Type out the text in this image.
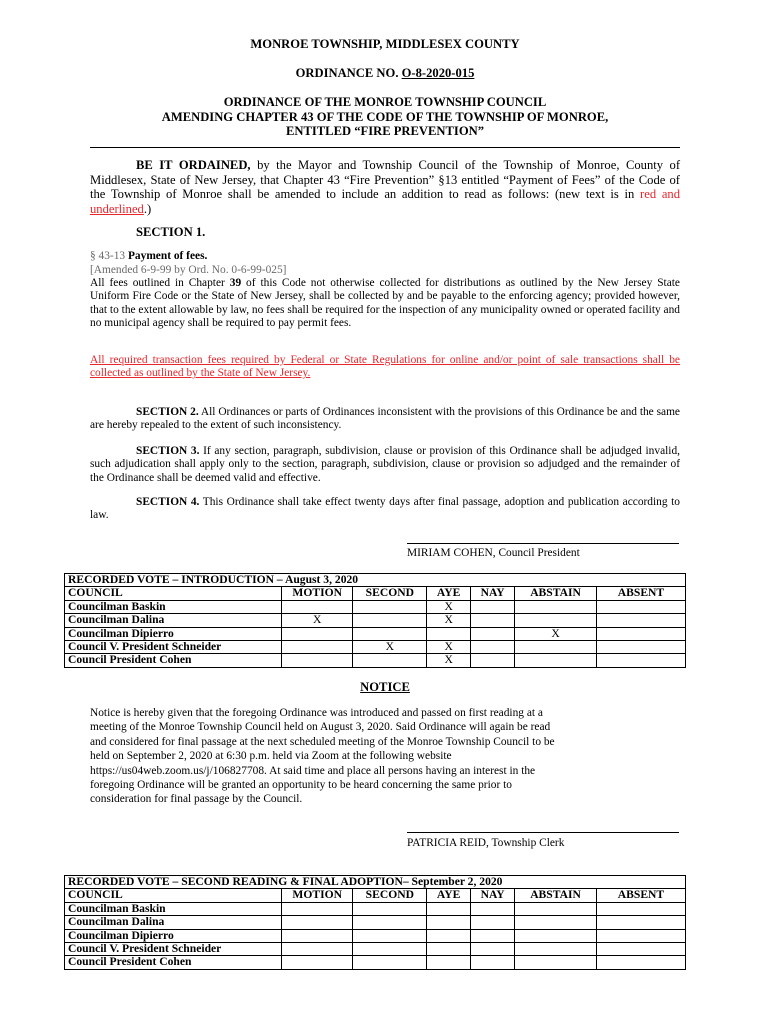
MONROE TOWNSHIP, MIDDLESEX COUNTY
ORDINANCE NO. O-8-2020-015
ORDINANCE OF THE MONROE TOWNSHIP COUNCIL
AMENDING CHAPTER 43 OF THE CODE OF THE TOWNSHIP OF MONROE,
ENTITLED “FIRE PREVENTION”
BE IT ORDAINED, by the Mayor and Township Council of the Township of Monroe, County of Middlesex, State of New Jersey, that Chapter 43 “Fire Prevention” §13 entitled “Payment of Fees” of the Code of the Township of Monroe shall be amended to include an addition to read as follows: (new text is in red and underlined.)
SECTION 1.
§ 43-13 Payment of fees.
[Amended 6-9-99 by Ord. No. 0-6-99-025]
All fees outlined in Chapter 39 of this Code not otherwise collected for distributions as outlined by the New Jersey State Uniform Fire Code or the State of New Jersey, shall be collected by and be payable to the enforcing agency; provided however, that to the extent allowable by law, no fees shall be required for the inspection of any municipality owned or operated facility and no municipal agency shall be required to pay permit fees.
All required transaction fees required by Federal or State Regulations for online and/or point of sale transactions shall be collected as outlined by the State of New Jersey.
SECTION 2. All Ordinances or parts of Ordinances inconsistent with the provisions of this Ordinance be and the same are hereby repealed to the extent of such inconsistency.
SECTION 3. If any section, paragraph, subdivision, clause or provision of this Ordinance shall be adjudged invalid, such adjudication shall apply only to the section, paragraph, subdivision, clause or provision so adjudged and the remainder of the Ordinance shall be deemed valid and effective.
SECTION 4. This Ordinance shall take effect twenty days after final passage, adoption and publication according to law.
MIRIAM COHEN, Council President
RECORDED VOTE – INTRODUCTION – August 3, 2020						
COUNCIL	MOTION	SECOND	AYE	NAY	ABSTAIN	ABSENT
Councilman Baskin			X			
Councilman Dalina	X		X			
Councilman Dipierro					X	
Council V. President Schneider		X	X			
Council President Cohen			X			
NOTICE
Notice is hereby given that the foregoing Ordinance was introduced and passed on first reading at a
meeting of the Monroe Township Council held on August 3, 2020. Said Ordinance will again be read
and considered for final passage at the next scheduled meeting of the Monroe Township Council to be
held on September 2, 2020 at 6:30 p.m. held via Zoom at the following website
https://us04web.zoom.us/j/106827708. At said time and place all persons having an interest in the
foregoing Ordinance will be granted an opportunity to be heard concerning the same prior to
consideration for final passage by the Council.
PATRICIA REID, Township Clerk
RECORDED VOTE – SECOND READING & FINAL ADOPTION– September 2, 2020						
COUNCIL	MOTION	SECOND	AYE	NAY	ABSTAIN	ABSENT
Councilman Baskin						
Councilman Dalina						
Councilman Dipierro						
Council V. President Schneider						
Council President Cohen						
